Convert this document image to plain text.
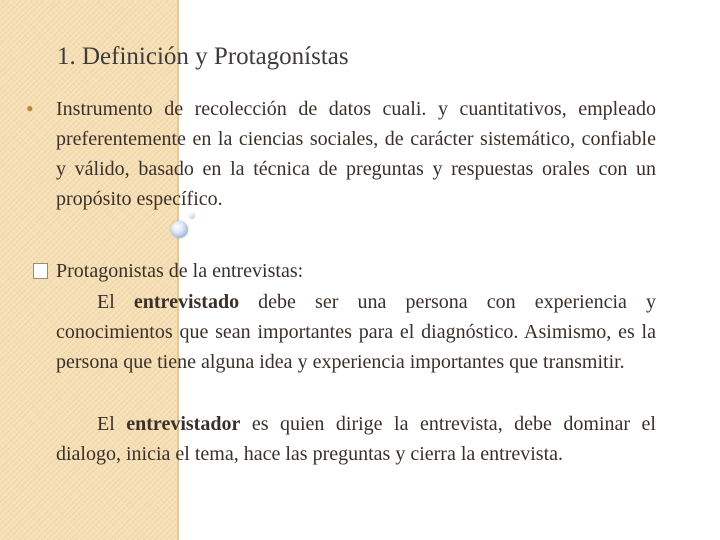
1. Definición y Protagonístas
• Instrumento de recolección de datos cuali. y cuantitativos, empleado preferentemente en la ciencias sociales, de carácter sistemático, confiable y válido, basado en la técnica de preguntas y respuestas orales con un propósito específico.
Protagonistas de la entrevistas:
El entrevistado debe ser una persona con experiencia y conocimientos que sean importantes para el diagnóstico. Asimismo, es la persona que tiene alguna idea y experiencia importantes que transmitir.
El entrevistador es quien dirige la entrevista, debe dominar el dialogo, inicia el tema, hace las preguntas y cierra la entrevista.
